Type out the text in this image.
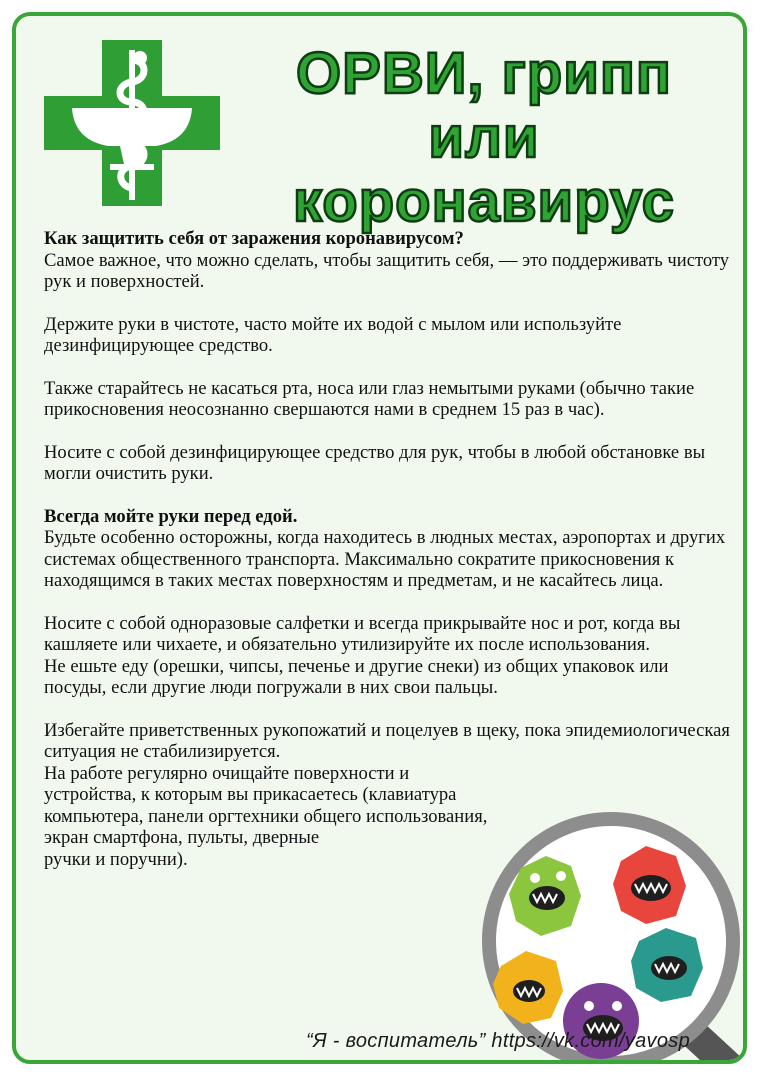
ОРВИ, грипп
или коронавирус

Как защитить себя от заражения коронавирусом?
Самое важное, что можно сделать, чтобы защитить себя, — это поддерживать чистоту рук и поверхностей.

Держите руки в чистоте, часто мойте их водой с мылом или используйте дезинфицирующее средство.

Также старайтесь не касаться рта, носа или глаз немытыми руками (обычно такие прикосновения неосознанно свершаются нами в среднем 15 раз в час).

Носите с собой дезинфицирующее средство для рук, чтобы в любой обстановке вы могли очистить руки.

Всегда мойте руки перед едой.
Будьте особенно осторожны, когда находитесь в людных местах, аэропортах и других системах общественного транспорта. Максимально сократите прикосновения к находящимся в таких местах поверхностям и предметам, и не касайтесь лица.

Носите с собой одноразовые салфетки и всегда прикрывайте нос и рот, когда вы кашляете или чихаете, и обязательно утилизируйте их после использования.

Не ешьте еду (орешки, чипсы, печенье и другие снеки) из общих упаковок или посуды, если другие люди погружали в них свои пальцы.

Избегайте приветственных рукопожатий и поцелуев в щеку, пока эпидемиологическая ситуация не стабилизируется.

На работе регулярно очищайте поверхности и устройства, к которым вы прикасаетесь (клавиатура компьютера, панели оргтехники общего использования, экран смартфона, пульты, дверные

ручки и поручни).

“Я - воспитатель” https://vk.com/yavosp
